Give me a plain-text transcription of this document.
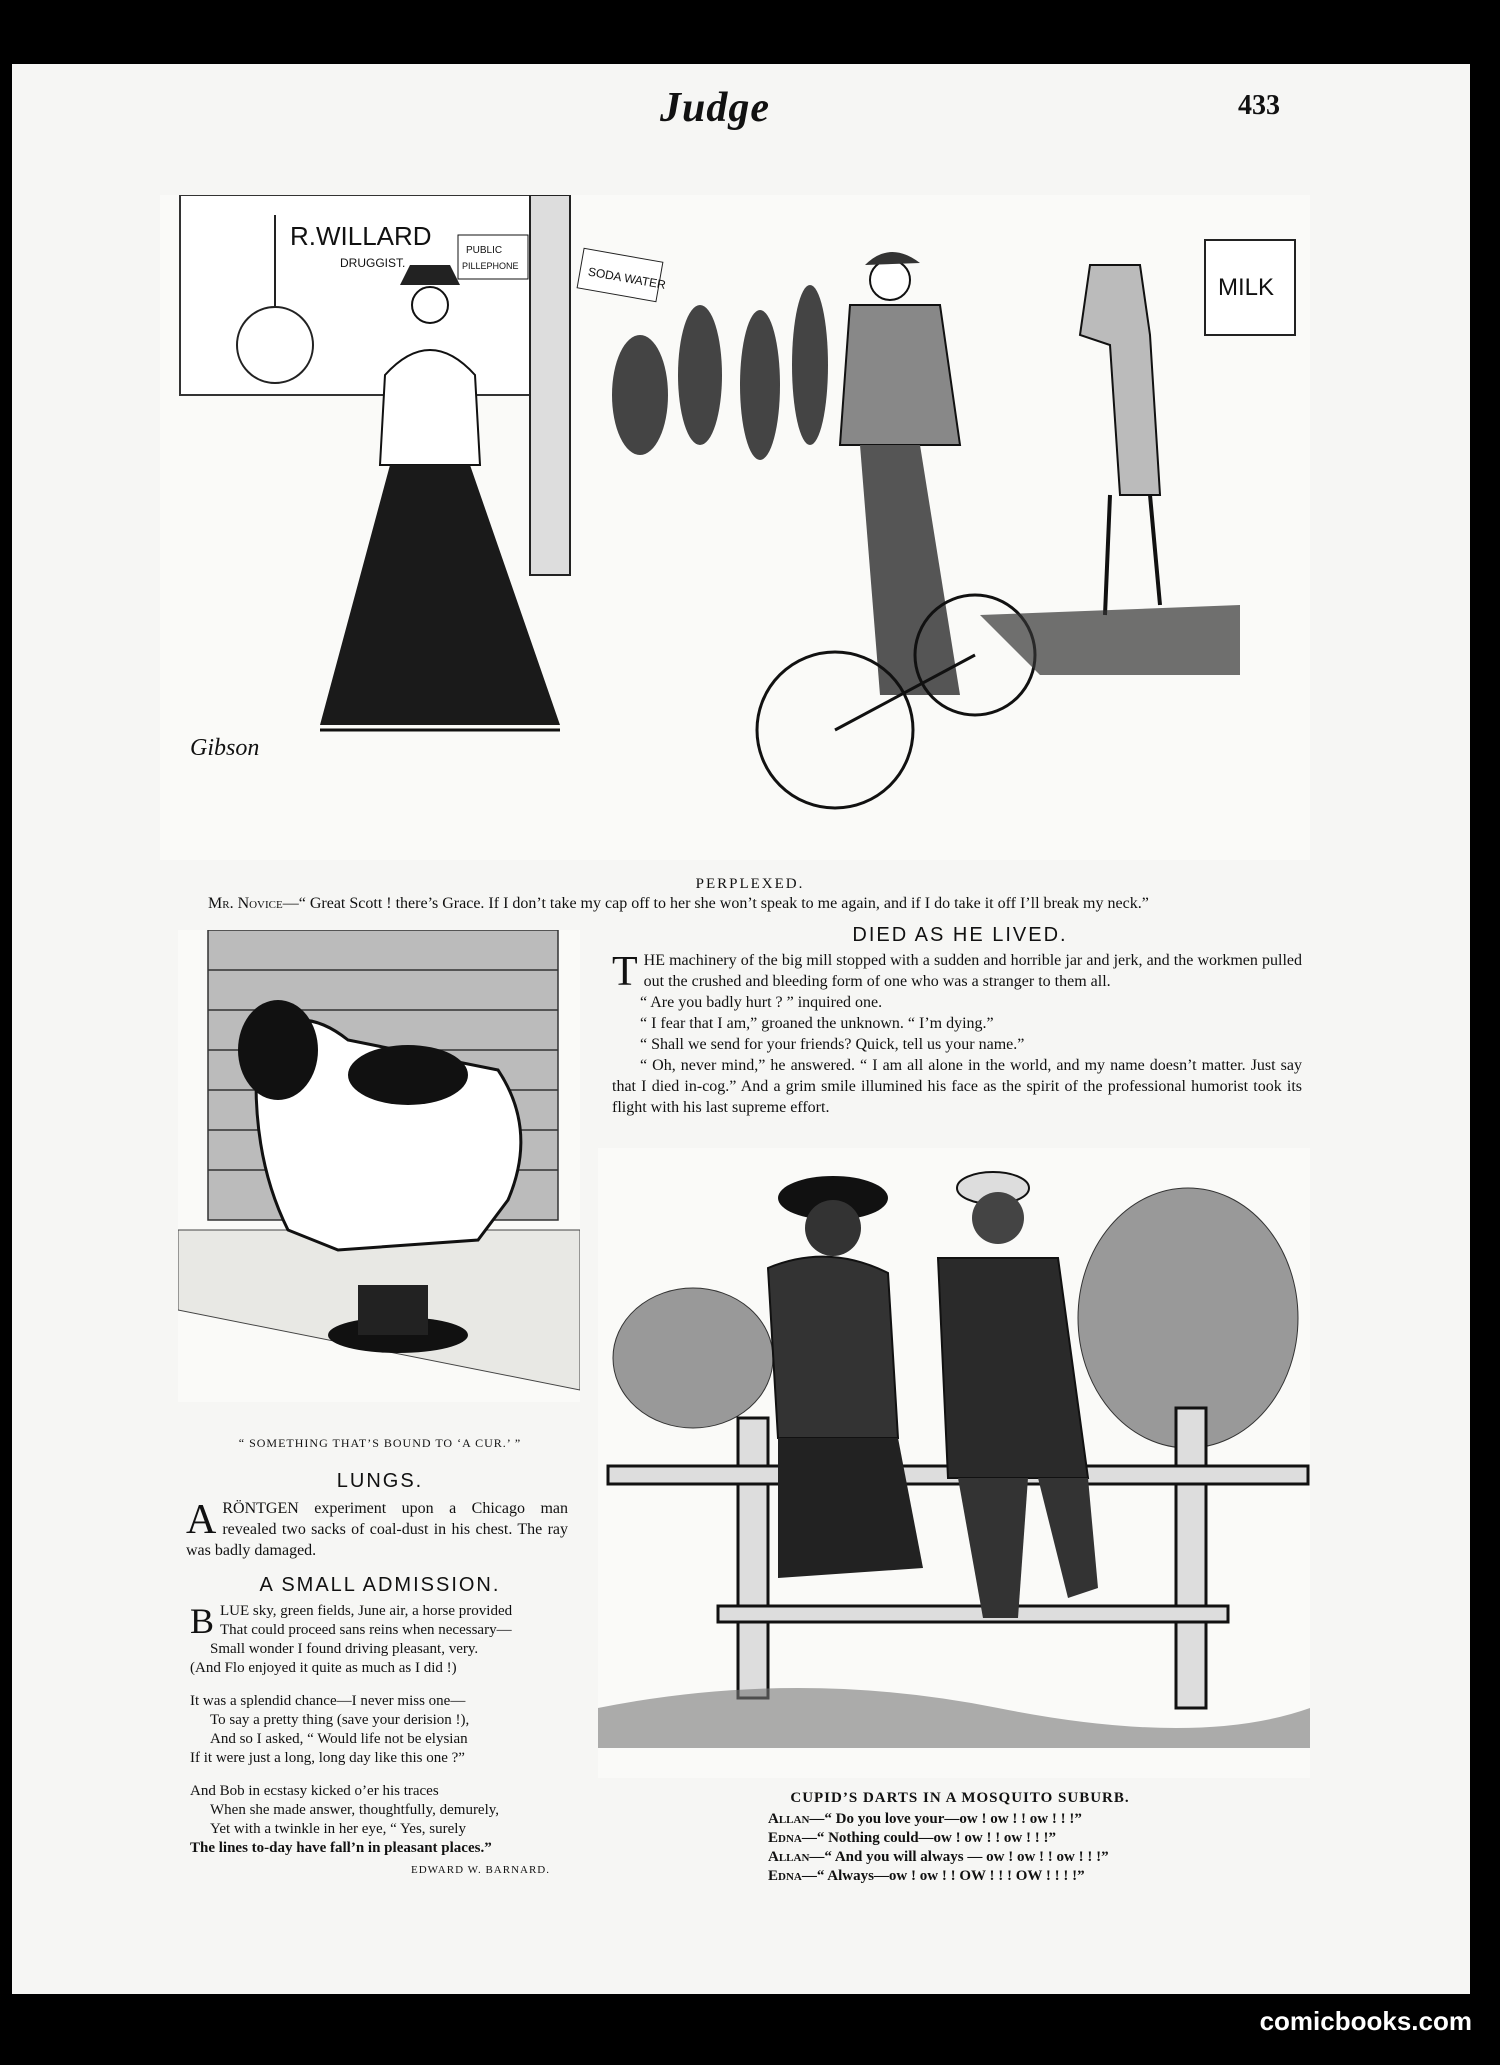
Judge	433
R.WILLARD
DRUGGIST.
PUBLIC
PILLEPHONE	SODA WATER	MILK
Gibson
PERPLEXED.
Mr. Novice—“ Great Scott ! there’s Grace. If I don’t take my cap off to her she won’t speak to me again, and if I do take it off I’ll break my neck.”
“ SOMETHING THAT’S BOUND TO ‘A CUR.’ ”
DIED AS HE LIVED.
T HE machinery of the big mill stopped with a sudden and horrible jar and jerk, and the workmen pulled out the crushed and bleeding form of one who was a stranger to them all.

“ Are you badly hurt ? ” inquired one.

“ I fear that I am,” groaned the unknown. “ I’m dying.”

“ Shall we send for your friends? Quick, tell us your name.”

“ Oh, never mind,” he answered. “ I am all alone in the world, and my name doesn’t matter. Just say that I died in-cog.” And a grim smile illumined his face as the spirit of the professional humorist took its flight with his last supreme effort.

LUNGS.
A RÖNTGEN experiment upon a Chicago man revealed two sacks of coal-dust in his chest. The ray was badly damaged.
A SMALL ADMISSION.
B LUE sky, green fields, June air, a horse provided

That could proceed sans reins when necessary—

Small wonder I found driving pleasant, very.

(And Flo enjoyed it quite as much as I did !)

It was a splendid chance—I never miss one—

To say a pretty thing (save your derision !),

And so I asked, “ Would life not be elysian

If it were just a long, long day like this one ?”

And Bob in ecstasy kicked o’er his traces

When she made answer, thoughtfully, demurely,

Yet with a twinkle in her eye, “ Yes, surely

The lines to-day have fall’n in pleasant places.”

EDWARD W. BARNARD.
CUPID’S DARTS IN A MOSQUITO SUBURB.

Allan—“ Do you love your—ow ! ow ! ! ow ! ! !”

Edna—“ Nothing could—ow ! ow ! ! ow ! ! !”

Allan—“ And you will always — ow ! ow ! ! ow ! ! !”

Edna—“ Always—ow ! ow ! ! OW ! ! ! OW ! ! ! !”

comicbooks.com
